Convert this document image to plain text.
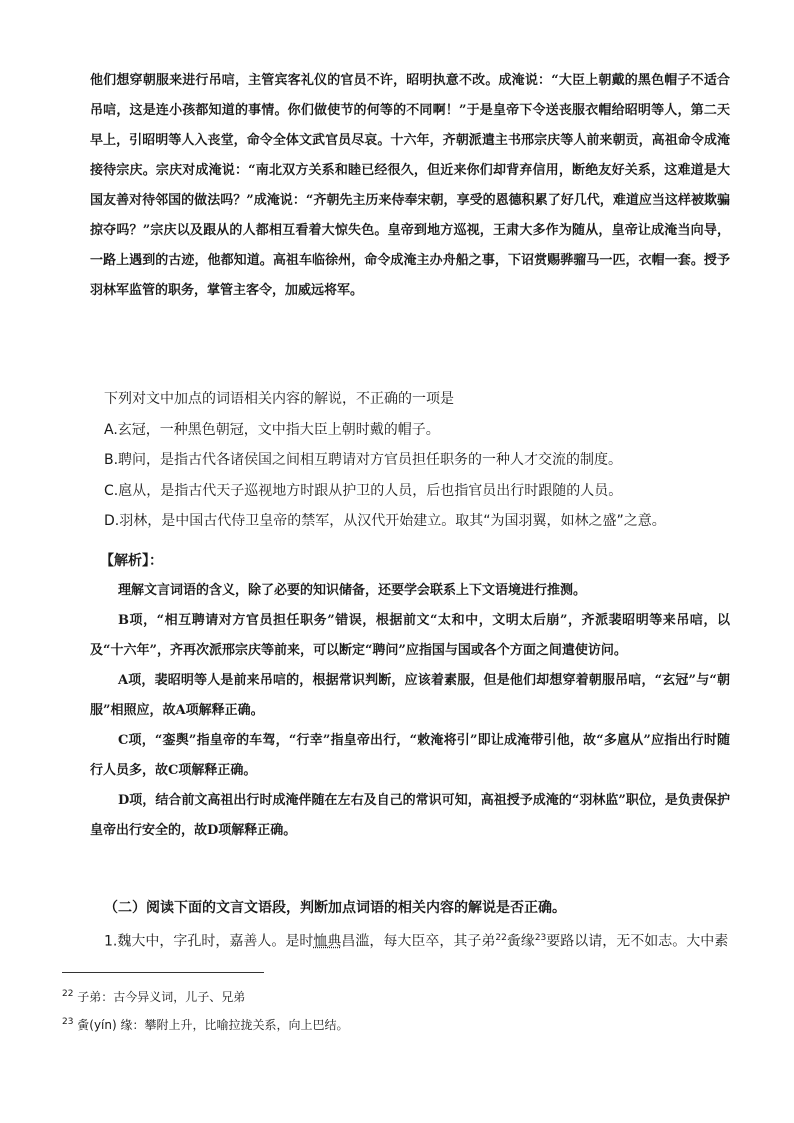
他们想穿朝服来进行吊唁，主管宾客礼仪的官员不许，昭明执意不改。成淹说：“大臣上朝戴的黑色帽子不适合吊唁，这是连小孩都知道的事情。你们做使节的何等的不同啊！”于是皇帝下令送丧服衣帽给昭明等人，第二天早上，引昭明等人入丧堂，命令全体文武官员尽哀。十六年，齐朝派遣主书邢宗庆等人前来朝贡，高祖命令成淹接待宗庆。宗庆对成淹说：“南北双方关系和睦已经很久，但近来你们却背弃信用，断绝友好关系，这难道是大国友善对待邻国的做法吗？”成淹说：“齐朝先主历来侍奉宋朝，享受的恩德积累了好几代，难道应当这样被欺骗掠夺吗？”宗庆以及跟从的人都相互看着大惊失色。皇帝到地方巡视，王肃大多作为随从，皇帝让成淹当向导，一路上遇到的古迹，他都知道。高祖车临徐州，命令成淹主办舟船之事，下诏赏赐骅骝马一匹，衣帽一套。授予羽林军监管的职务，掌管主客令，加威远将军。

下列对文中加点的词语相关内容的解说，不正确的一项是

A.玄冠，一种黑色朝冠，文中指大臣上朝时戴的帽子。

B.聘问，是指古代各诸侯国之间相互聘请对方官员担任职务的一种人才交流的制度。

C.扈从，是指古代天子巡视地方时跟从护卫的人员，后也指官员出行时跟随的人员。

D.羽林，是中国古代侍卫皇帝的禁军，从汉代开始建立。取其“为国羽翼，如林之盛”之意。

【解析】：

理解文言词语的含义，除了必要的知识储备，还要学会联系上下文语境进行推测。

B项，“相互聘请对方官员担任职务”错误，根据前文“太和中，文明太后崩”，齐派裴昭明等来吊唁，以及“十六年”，齐再次派邢宗庆等前来，可以断定“聘问”应指国与国或各个方面之间遣使访问。

A项，裴昭明等人是前来吊唁的，根据常识判断，应该着素服，但是他们却想穿着朝服吊唁，“玄冠”与“朝服”相照应，故A项解释正确。

C项，“銮舆”指皇帝的车驾，“行幸”指皇帝出行，“敕淹将引”即让成淹带引他，故“多扈从”应指出行时随行人员多，故C项解释正确。

D项，结合前文高祖出行时成淹伴随在左右及自己的常识可知，高祖授予成淹的“羽林监”职位，是负责保护皇帝出行安全的，故D项解释正确。

（二）阅读下面的文言文语段，判断加点词语的相关内容的解说是否正确。

1.魏大中，字孔时，嘉善人。是时恤典昌滥，每大臣卒，其子弟$^{22}$夤缘$^{23}$要路以请，无不如志。大中素

$^{22}$ 子弟：古今异义词，儿子、兄弟

$^{23}$ 夤(yín) 缘：攀附上升，比喻拉拢关系，向上巴结。
